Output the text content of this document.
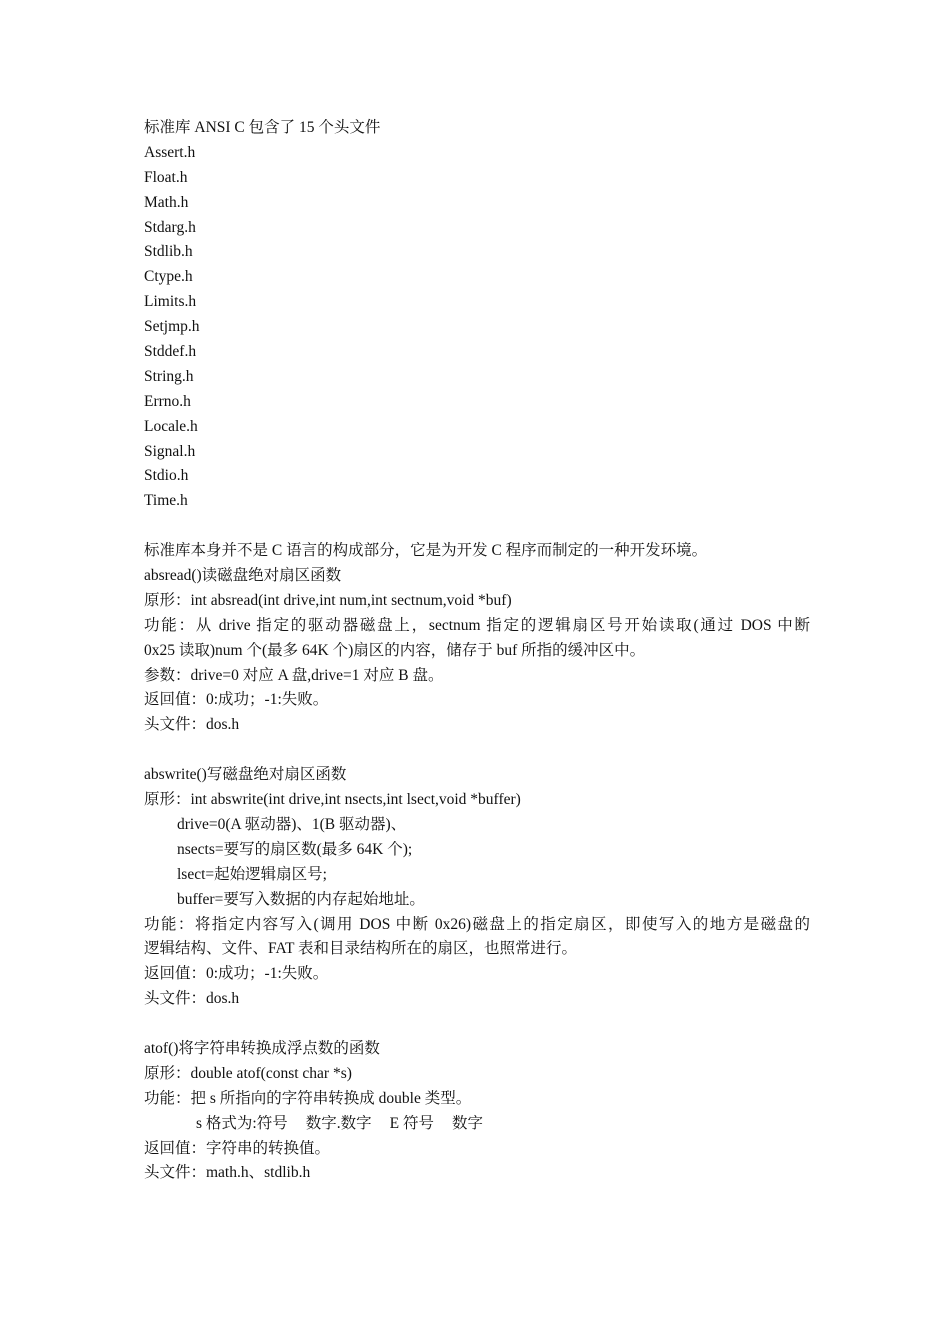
标准库 ANSI C 包含了 15 个头文件
Assert.h
Float.h
Math.h
Stdarg.h
Stdlib.h
Ctype.h
Limits.h
Setjmp.h
Stddef.h
String.h
Errno.h
Locale.h
Signal.h
Stdio.h
Time.h
标准库本身并不是 C 语言的构成部分，它是为开发 C 程序而制定的一种开发环境。
absread()读磁盘绝对扇区函数
原形：int absread(int drive,int num,int sectnum,void *buf)
功能：从 drive 指定的驱动器磁盘上，sectnum 指定的逻辑扇区号开始读取(通过 DOS 中断
0x25 读取)num 个(最多 64K 个)扇区的内容，储存于 buf 所指的缓冲区中。
参数：drive=0 对应 A 盘,drive=1 对应 B 盘。
返回值：0:成功；-1:失败。
头文件：dos.h
abswrite()写磁盘绝对扇区函数
原形：int abswrite(int drive,int nsects,int lsect,void *buffer)
drive=0(A 驱动器)、1(B 驱动器)、
nsects=要写的扇区数(最多 64K 个);
lsect=起始逻辑扇区号;
buffer=要写入数据的内存起始地址。
功能：将指定内容写入(调用 DOS 中断 0x26)磁盘上的指定扇区，即使写入的地方是磁盘的
逻辑结构、文件、FAT 表和目录结构所在的扇区，也照常进行。
返回值：0:成功；-1:失败。
头文件：dos.h
atof()将字符串转换成浮点数的函数
原形：double atof(const char *s)
功能：把 s 所指向的字符串转换成 double 类型。
s 格式为:符号 数字.数字 E 符号 数字
返回值：字符串的转换值。
头文件：math.h、stdlib.h
